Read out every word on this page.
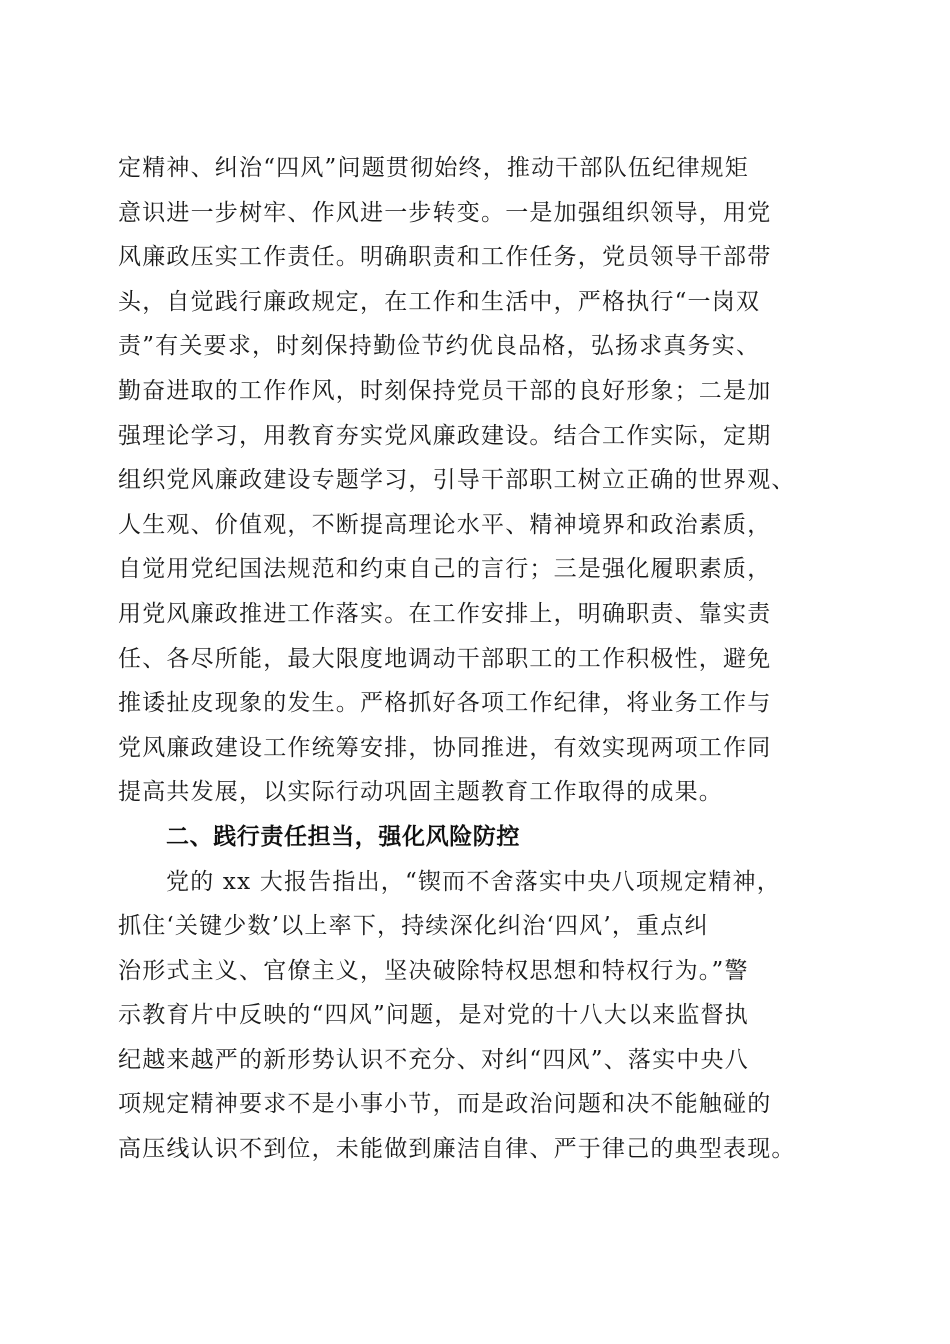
定精神、纠治“四风”问题贯彻始终，推动干部队伍纪律规矩
意识进一步树牢、作风进一步转变。一是加强组织领导，用党
风廉政压实工作责任。明确职责和工作任务，党员领导干部带
头，自觉践行廉政规定，在工作和生活中，严格执行“一岗双
责”有关要求，时刻保持勤俭节约优良品格，弘扬求真务实、
勤奋进取的工作作风，时刻保持党员干部的良好形象；二是加
强理论学习，用教育夯实党风廉政建设。结合工作实际，定期
组织党风廉政建设专题学习，引导干部职工树立正确的世界观、
人生观、价值观，不断提高理论水平、精神境界和政治素质，
自觉用党纪国法规范和约束自己的言行；三是强化履职素质，
用党风廉政推进工作落实。在工作安排上，明确职责、靠实责
任、各尽所能，最大限度地调动干部职工的工作积极性，避免
推诿扯皮现象的发生。严格抓好各项工作纪律，将业务工作与
党风廉政建设工作统筹安排，协同推进，有效实现两项工作同
提高共发展，以实际行动巩固主题教育工作取得的成果。
二、践行责任担当，强化风险防控
党的 xx 大报告指出，“锲而不舍落实中央八项规定精神，
抓住‘关键少数’以上率下，持续深化纠治‘四风’，重点纠
治形式主义、官僚主义，坚决破除特权思想和特权行为。”警
示教育片中反映的“四风”问题，是对党的十八大以来监督执
纪越来越严的新形势认识不充分、对纠“四风”、落实中央八
项规定精神要求不是小事小节，而是政治问题和决不能触碰的
高压线认识不到位，未能做到廉洁自律、严于律己的典型表现。
